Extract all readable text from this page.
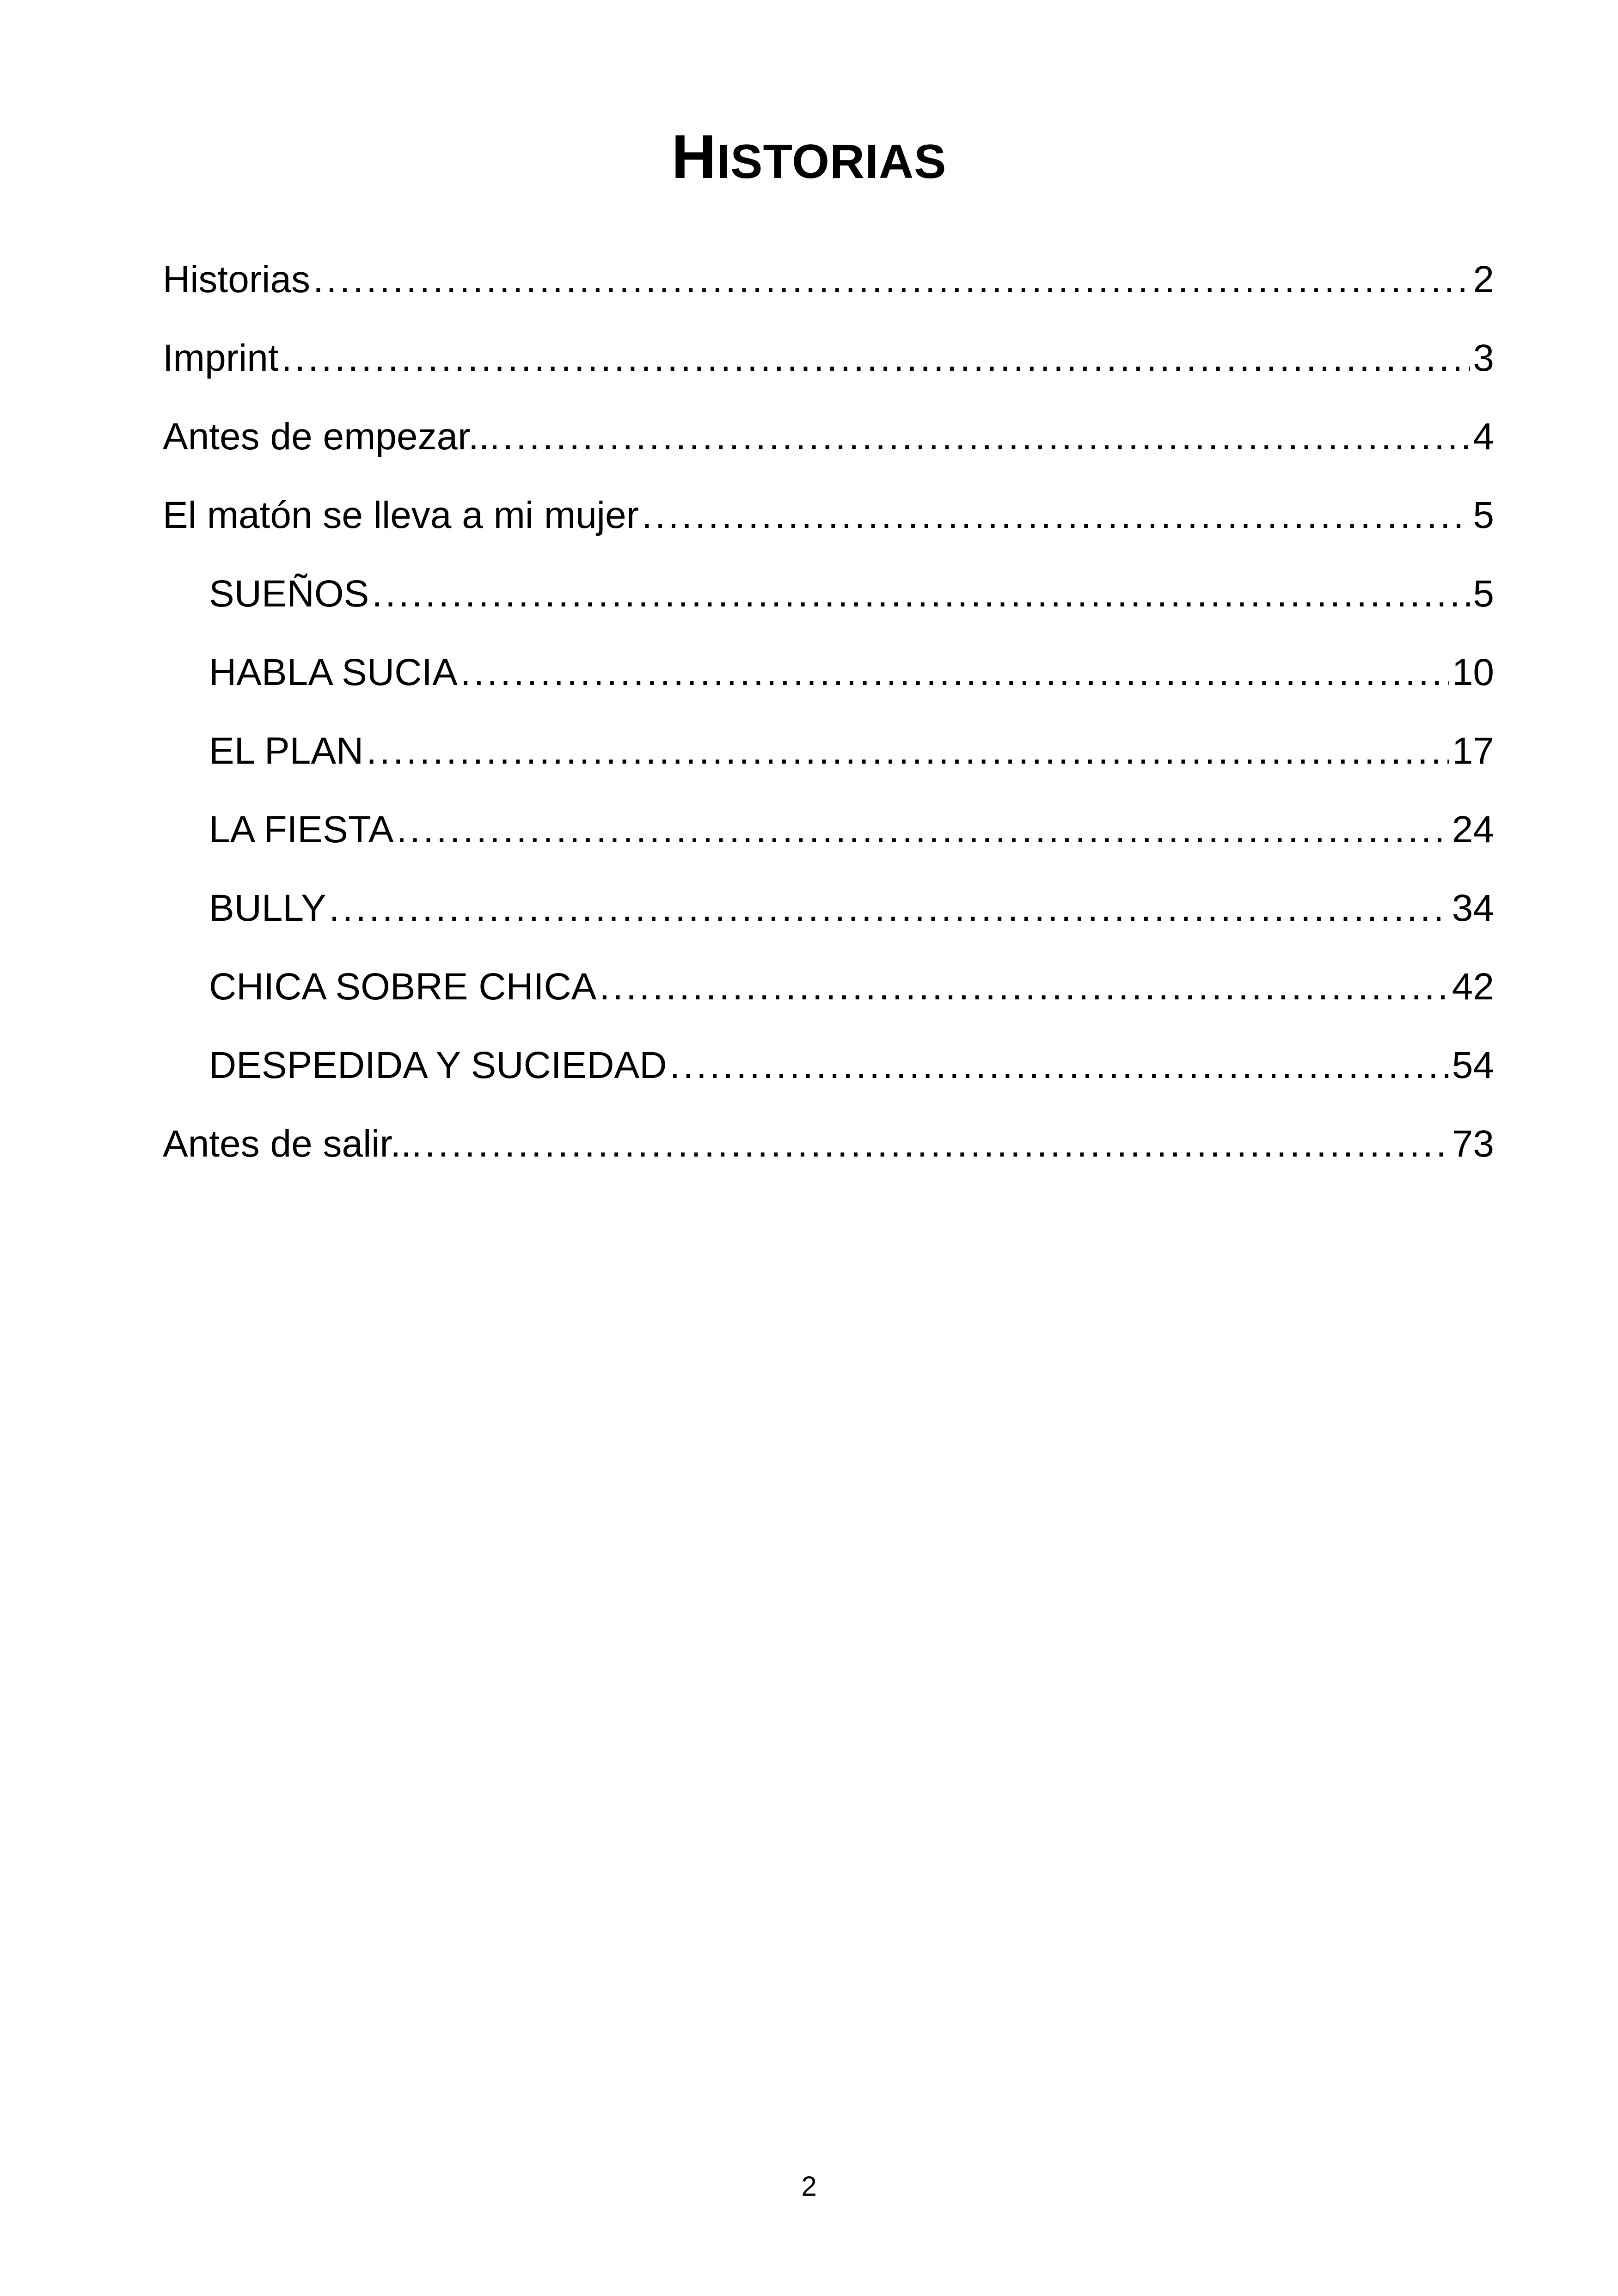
HISTORIAS
Historias .....	2
Imprint .....	3
Antes de empezar... .....	4
El matón se lleva a mi mujer .....	5
SUEÑOS .....	5
HABLA SUCIA .....	10
EL PLAN .....	17
LA FIESTA .....	24
BULLY .....	34
CHICA SOBRE CHICA .....	42
DESPEDIDA Y SUCIEDAD .....	54
Antes de salir... .....	73
2
